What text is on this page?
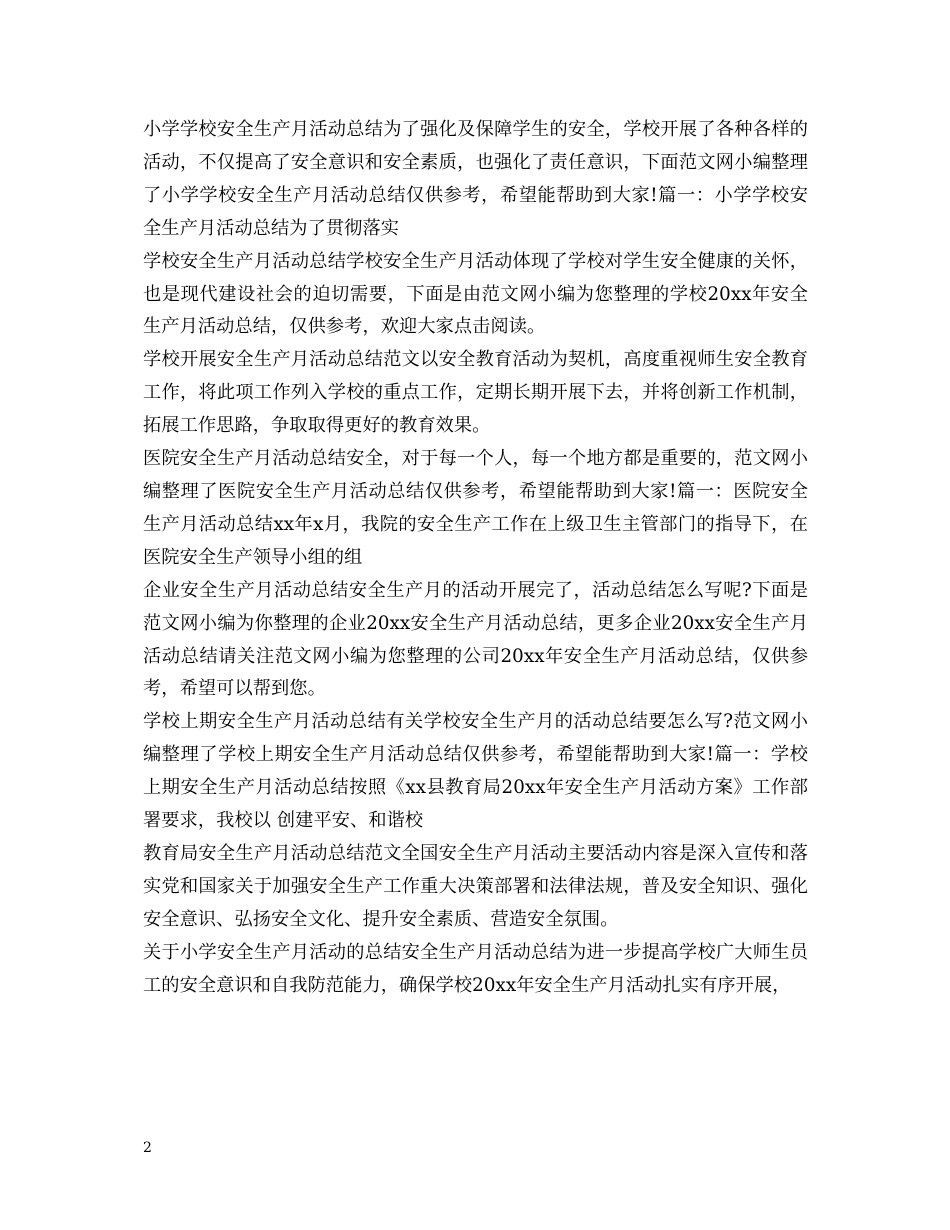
小学学校安全生产月活动总结为了强化及保障学生的安全，学校开展了各种各样的活动，不仅提高了安全意识和安全素质，也强化了责任意识，下面范文网小编整理了小学学校安全生产月活动总结仅供参考，希望能帮助到大家!篇一：小学学校安全生产月活动总结为了贯彻落实

学校安全生产月活动总结学校安全生产月活动体现了学校对学生安全健康的关怀，也是现代建设社会的迫切需要，下面是由范文网小编为您整理的学校20xx年安全生产月活动总结，仅供参考，欢迎大家点击阅读。

学校开展安全生产月活动总结范文以安全教育活动为契机，高度重视师生安全教育工作，将此项工作列入学校的重点工作，定期长期开展下去，并将创新工作机制，拓展工作思路，争取取得更好的教育效果。

医院安全生产月活动总结安全，对于每一个人，每一个地方都是重要的，范文网小编整理了医院安全生产月活动总结仅供参考，希望能帮助到大家!篇一：医院安全生产月活动总结xx年x月，我院的安全生产工作在上级卫生主管部门的指导下，在医院安全生产领导小组的组

企业安全生产月活动总结安全生产月的活动开展完了，活动总结怎么写呢?下面是范文网小编为你整理的企业20xx安全生产月活动总结，更多企业20xx安全生产月活动总结请关注范文网小编为您整理的公司20xx年安全生产月活动总结，仅供参考，希望可以帮到您。

学校上期安全生产月活动总结有关学校安全生产月的活动总结要怎么写?范文网小编整理了学校上期安全生产月活动总结仅供参考，希望能帮助到大家!篇一：学校上期安全生产月活动总结按照《xx县教育局20xx年安全生产月活动方案》工作部署要求，我校以 创建平安、和谐校

教育局安全生产月活动总结范文全国安全生产月活动主要活动内容是深入宣传和落实党和国家关于加强安全生产工作重大决策部署和法律法规，普及安全知识、强化安全意识、弘扬安全文化、提升安全素质、营造安全氛围。

关于小学安全生产月活动的总结安全生产月活动总结为进一步提高学校广大师生员工的安全意识和自我防范能力，确保学校20xx年安全生产月活动扎实有序开展，

2
